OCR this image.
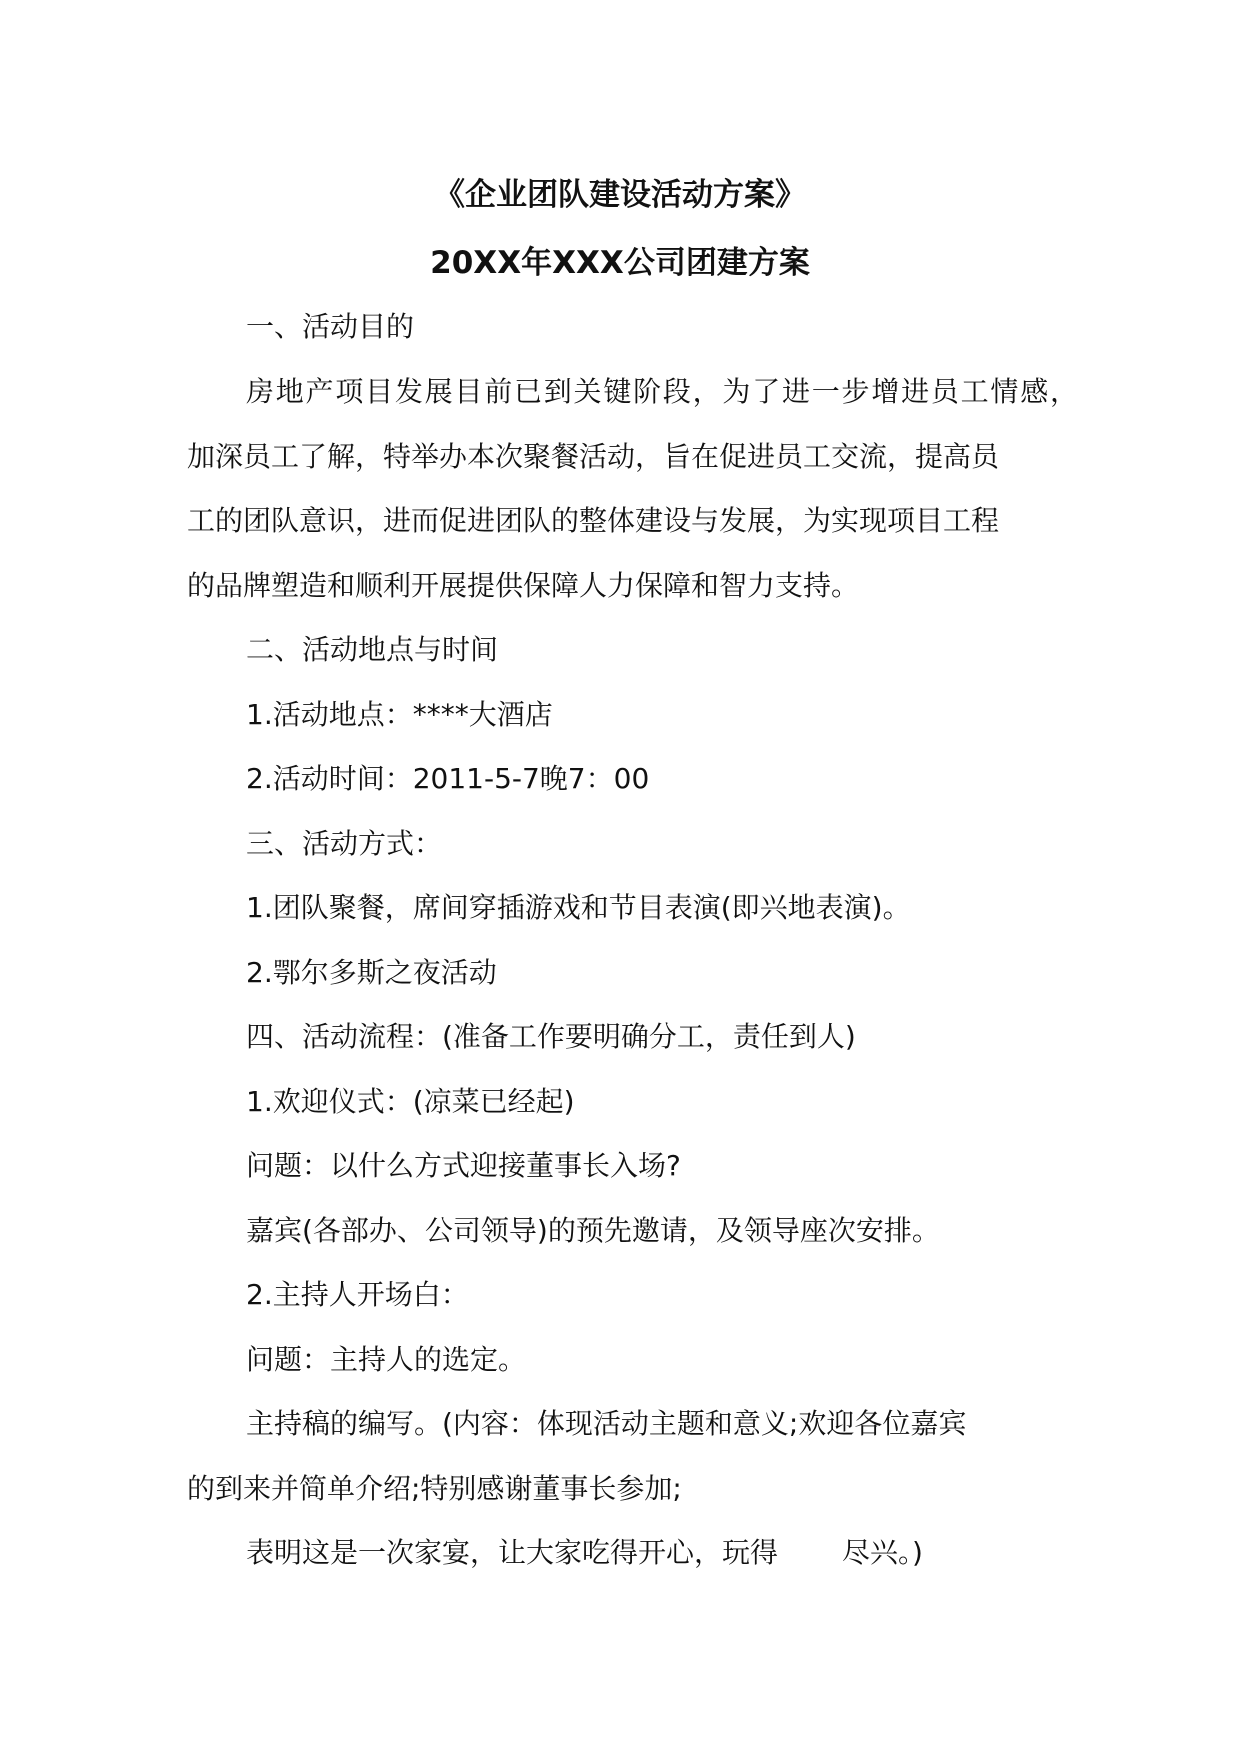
《企业团队建设活动方案》
20XX年XXX公司团建方案
一、活动目的
房地产项目发展目前已到关键阶段，为了进一步增进员工情感，
加深员工了解，特举办本次聚餐活动，旨在促进员工交流，提高员
工的团队意识，进而促进团队的整体建设与发展，为实现项目工程
的品牌塑造和顺利开展提供保障人力保障和智力支持。
二、活动地点与时间
1.活动地点：****大酒店
2.活动时间：2011-5-7晚7：00
三、活动方式：
1.团队聚餐，席间穿插游戏和节目表演(即兴地表演)。
2.鄂尔多斯之夜活动
四、活动流程：(准备工作要明确分工，责任到人)
1.欢迎仪式：(凉菜已经起)
问题：以什么方式迎接董事长入场?
嘉宾(各部办、公司领导)的预先邀请，及领导座次安排。
2.主持人开场白：
问题：主持人的选定。
主持稿的编写。(内容：体现活动主题和意义;欢迎各位嘉宾
的到来并简单介绍;特别感谢董事长参加;
表明这是一次家宴，让大家吃得开心，玩得 尽兴。)
